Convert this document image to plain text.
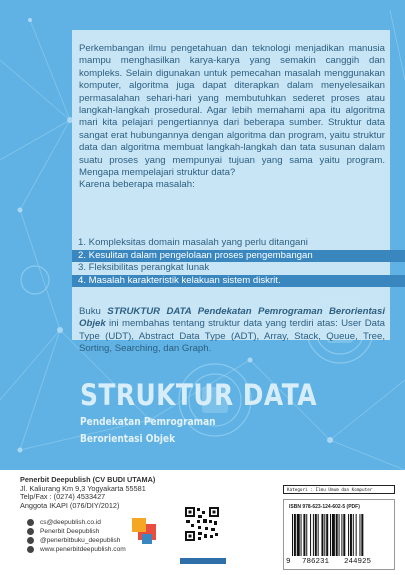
Perkembangan ilmu pengetahuan dan teknologi menjadikan manusia mampu menghasilkan karya-karya yang semakin canggih dan kompleks. Selain digunakan untuk pemecahan masalah menggunakan komputer, algoritma juga dapat diterapkan dalam menyelesaikan permasalahan sehari-hari yang membutuhkan sederet proses atau langkah-langkah prosedural. Agar lebih memahami apa itu algoritma mari kita pelajari pengertiannya dari beberapa sumber. Struktur data sangat erat hubungannya dengan algoritma dan program, yaitu struktur data dan algoritma membuat langkah-langkah dan tata susunan dalam suatu proses yang mempunyai tujuan yang sama yaitu program. Mengapa mempelajari struktur data?

Karena beberapa masalah:

1. Kompleksitas domain masalah yang perlu ditangani
2. Kesulitan dalam pengelolaan proses pengembangan
3. Fleksibilitas perangkat lunak
4. Masalah karakteristik kelakuan sistem diskrit.
Buku STRUKTUR DATA Pendekatan Pemrograman Berorientasi Objek ini membahas tentang struktur data yang terdiri atas: User Data Type (UDT), Abstract Data Type (ADT), Array, Stack, Queue, Tree, Sorting, Searching, dan Graph.
STRUKTUR DATA
Pendekatan Pemrograman
Berorientasi Objek
Penerbit Deepublish (CV BUDI UTAMA)
Jl. Kaliurang Km 9,3 Yogyakarta 55581
Telp/Fax : (0274) 4533427
Anggota IKAPI (076/DIY/2012)
cs@deepublish.co.id
Penerbit Deepublish
@penerbitbuku_deepublish
www.penerbitdeepublish.com
Kategori : Ilmu Umum dan Komputer
ISBN 978-623-124-602-5 (PDF)
9 786231 244925
